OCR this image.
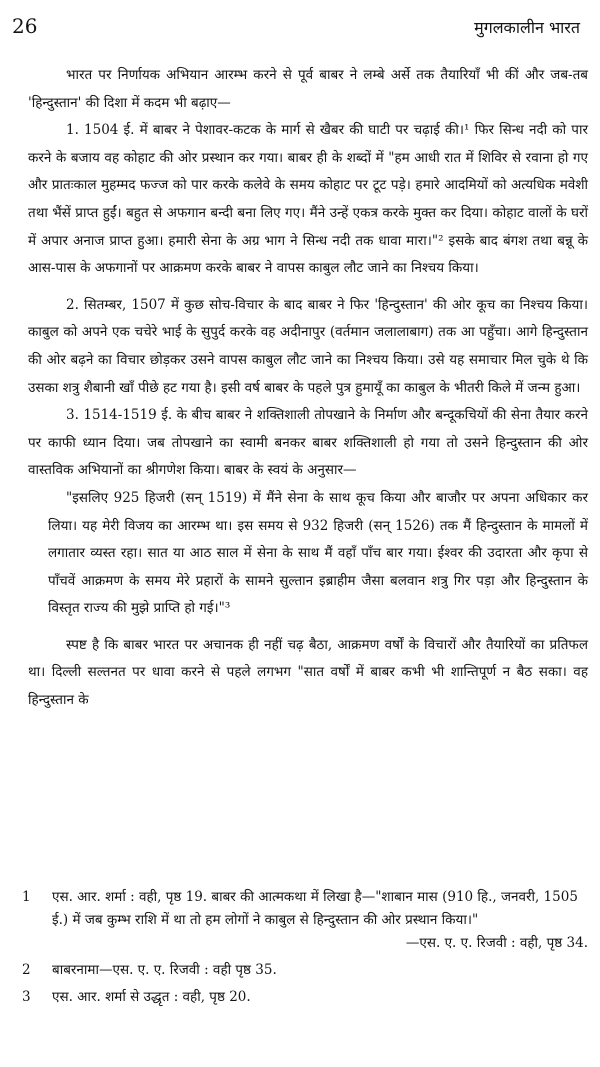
26	मुगलकालीन भारत

भारत पर निर्णायक अभियान आरम्भ करने से पूर्व बाबर ने लम्बे अर्से तक तैयारियाँ भी कीं और जब-तब 'हिन्दुस्तान' की दिशा में कदम भी बढ़ाए—

1. 1504 ई. में बाबर ने पेशावर-कटक के मार्ग से खैबर की घाटी पर चढ़ाई की।¹ फिर सिन्ध नदी को पार करने के बजाय वह कोहाट की ओर प्रस्थान कर गया। बाबर ही के शब्दों में "हम आधी रात में शिविर से रवाना हो गए और प्रातःकाल मुहम्मद फज्ज को पार करके कलेवे के समय कोहाट पर टूट पड़े। हमारे आदमियों को अत्यधिक मवेशी तथा भैंसें प्राप्त हुईं। बहुत से अफगान बन्दी बना लिए गए। मैंने उन्हें एकत्र करके मुक्त कर दिया। कोहाट वालों के घरों में अपार अनाज प्राप्त हुआ। हमारी सेना के अग्र भाग ने सिन्ध नदी तक धावा मारा।"² इसके बाद बंगश तथा बन्नू के आस-पास के अफगानों पर आक्रमण करके बाबर ने वापस काबुल लौट जाने का निश्चय किया।

2. सितम्बर, 1507 में कुछ सोच-विचार के बाद बाबर ने फिर 'हिन्दुस्तान' की ओर कूच का निश्चय किया। काबुल को अपने एक चचेरे भाई के सुपुर्द करके वह अदीनापुर (वर्तमान जलालाबाग) तक आ पहुँचा। आगे हिन्दुस्तान की ओर बढ़ने का विचार छोड़कर उसने वापस काबुल लौट जाने का निश्चय किया। उसे यह समाचार मिल चुके थे कि उसका शत्रु शैबानी खाँ पीछे हट गया है। इसी वर्ष बाबर के पहले पुत्र हुमायूँ का काबुल के भीतरी किले में जन्म हुआ।

3. 1514-1519 ई. के बीच बाबर ने शक्तिशाली तोपखाने के निर्माण और बन्दूकचियों की सेना तैयार करने पर काफी ध्यान दिया। जब तोपखाने का स्वामी बनकर बाबर शक्तिशाली हो गया तो उसने हिन्दुस्तान की ओर वास्तविक अभियानों का श्रीगणेश किया। बाबर के स्वयं के अनुसार—

"इसलिए 925 हिजरी (सन् 1519) में मैंने सेना के साथ कूच किया और बाजौर पर अपना अधिकार कर लिया। यह मेरी विजय का आरम्भ था। इस समय से 932 हिजरी (सन् 1526) तक मैं हिन्दुस्तान के मामलों में लगातार व्यस्त रहा। सात या आठ साल में सेना के साथ मैं वहाँ पाँच बार गया। ईश्वर की उदारता और कृपा से पाँचवें आक्रमण के समय मेरे प्रहारों के सामने सुल्तान इब्राहीम जैसा बलवान शत्रु गिर पड़ा और हिन्दुस्तान के विस्तृत राज्य की मुझे प्राप्ति हो गई।"³

स्पष्ट है कि बाबर भारत पर अचानक ही नहीं चढ़ बैठा, आक्रमण वर्षों के विचारों और तैयारियों का प्रतिफल था। दिल्ली सल्तनत पर धावा करने से पहले लगभग "सात वर्षों में बाबर कभी भी शान्तिपूर्ण न बैठ सका। वह हिन्दुस्तान के

1 एस. आर. शर्मा : वही, पृष्ठ 19. बाबर की आत्मकथा में लिखा है—"शाबान मास (910 हि., जनवरी, 1505 ई.) में जब कुम्भ राशि में था तो हम लोगों ने काबुल से हिन्दुस्तान की ओर प्रस्थान किया।"
—एस. ए. ए. रिजवी : वही, पृष्ठ 34.
2 बाबरनामा—एस. ए. ए. रिजवी : वही पृष्ठ 35.
3 एस. आर. शर्मा से उद्धृत : वही, पृष्ठ 20.
